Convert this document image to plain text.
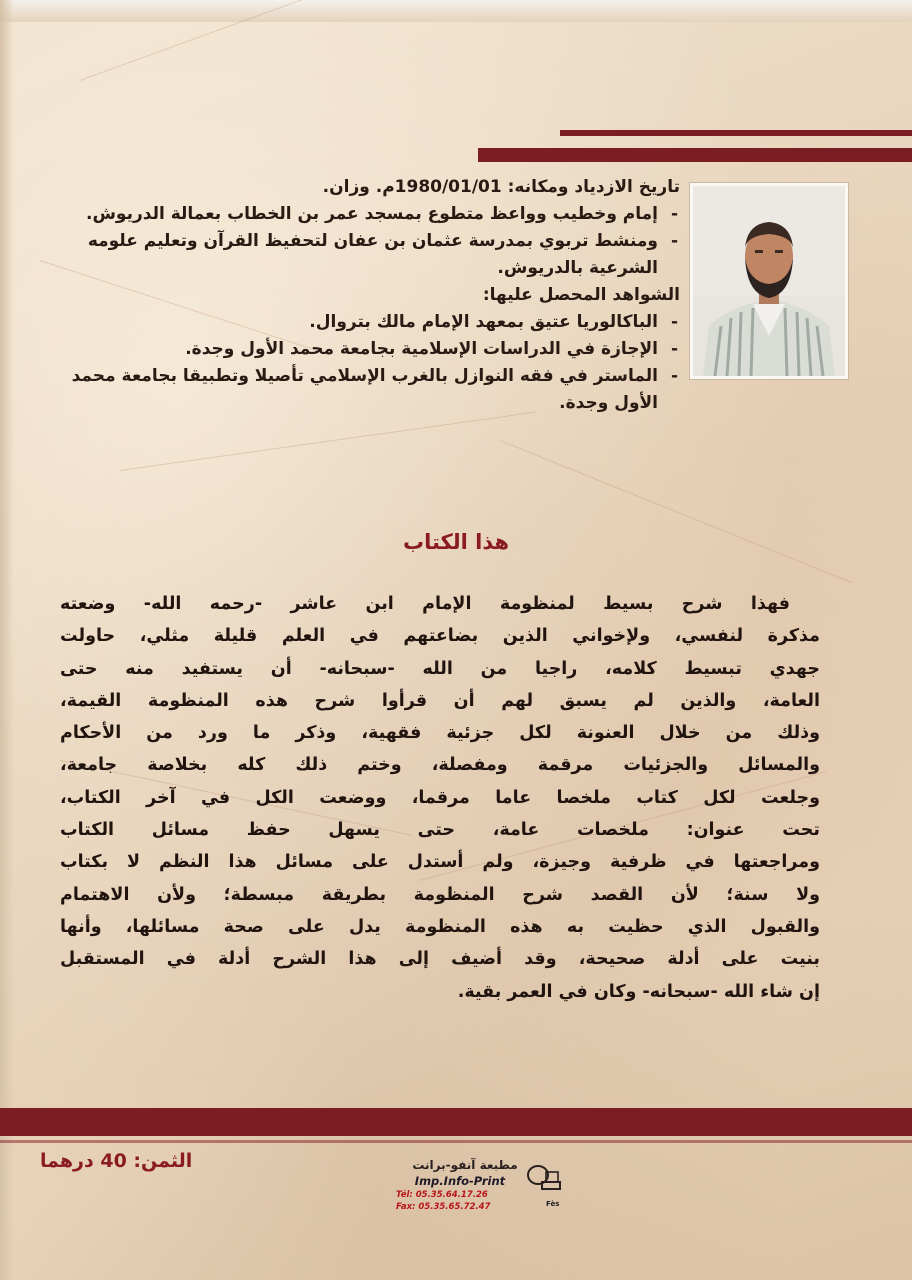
تاريخ الازدياد ومكانه: 1980/01/01م. وزان.
- إمام وخطيب وواعظ متطوع بمسجد عمر بن الخطاب بعمالة الدريوش.
- ومنشط تربوي بمدرسة عثمان بن عفان لتحفيظ القرآن وتعليم علومه
الشرعية بالدريوش.
الشواهد المحصل عليها:
- الباكالوريا عتيق بمعهد الإمام مالك بتروال.
- الإجازة في الدراسات الإسلامية بجامعة محمد الأول وجدة.
- الماستر في فقه النوازل بالغرب الإسلامي تأصيلا وتطبيقا بجامعة محمد
الأول وجدة.
هذا الكتاب
فهذا شرح بسيط لمنظومة الإمام ابن عاشر -رحمه الله- وضعته
مذكرة لنفسي، ولإخواني الذين بضاعتهم في العلم قليلة مثلي، حاولت
جهدي تبسيط كلامه، راجيا من الله -سبحانه- أن يستفيد منه حتى
العامة، والذين لم يسبق لهم أن قرأوا شرح هذه المنظومة القيمة،
وذلك من خلال العنونة لكل جزئية فقهية، وذكر ما ورد من الأحكام
والمسائل والجزئيات مرقمة ومفصلة، وختم ذلك كله بخلاصة جامعة،
وجلعت لكل كتاب ملخصا عاما مرقما، ووضعت الكل في آخر الكتاب،
تحت عنوان: ملخصات عامة، حتى يسهل حفظ مسائل الكتاب
ومراجعتها في ظرفية وجيزة، ولم أستدل على مسائل هذا النظم لا بكتاب
ولا سنة؛ لأن القصد شرح المنظومة بطريقة مبسطة؛ ولأن الاهتمام
والقبول الذي حظيت به هذه المنظومة يدل على صحة مسائلها، وأنها
بنيت على أدلة صحيحة، وقد أضيف إلى هذا الشرح أدلة في المستقبل
إن شاء الله -سبحانه- وكان في العمر بقية.
الثمن: 40 درهما	مطبعة آنفو-برانت
Imp.Info-Print
Tél: 05.35.64.17.26
Fax: 05.35.65.72.47	Fès
